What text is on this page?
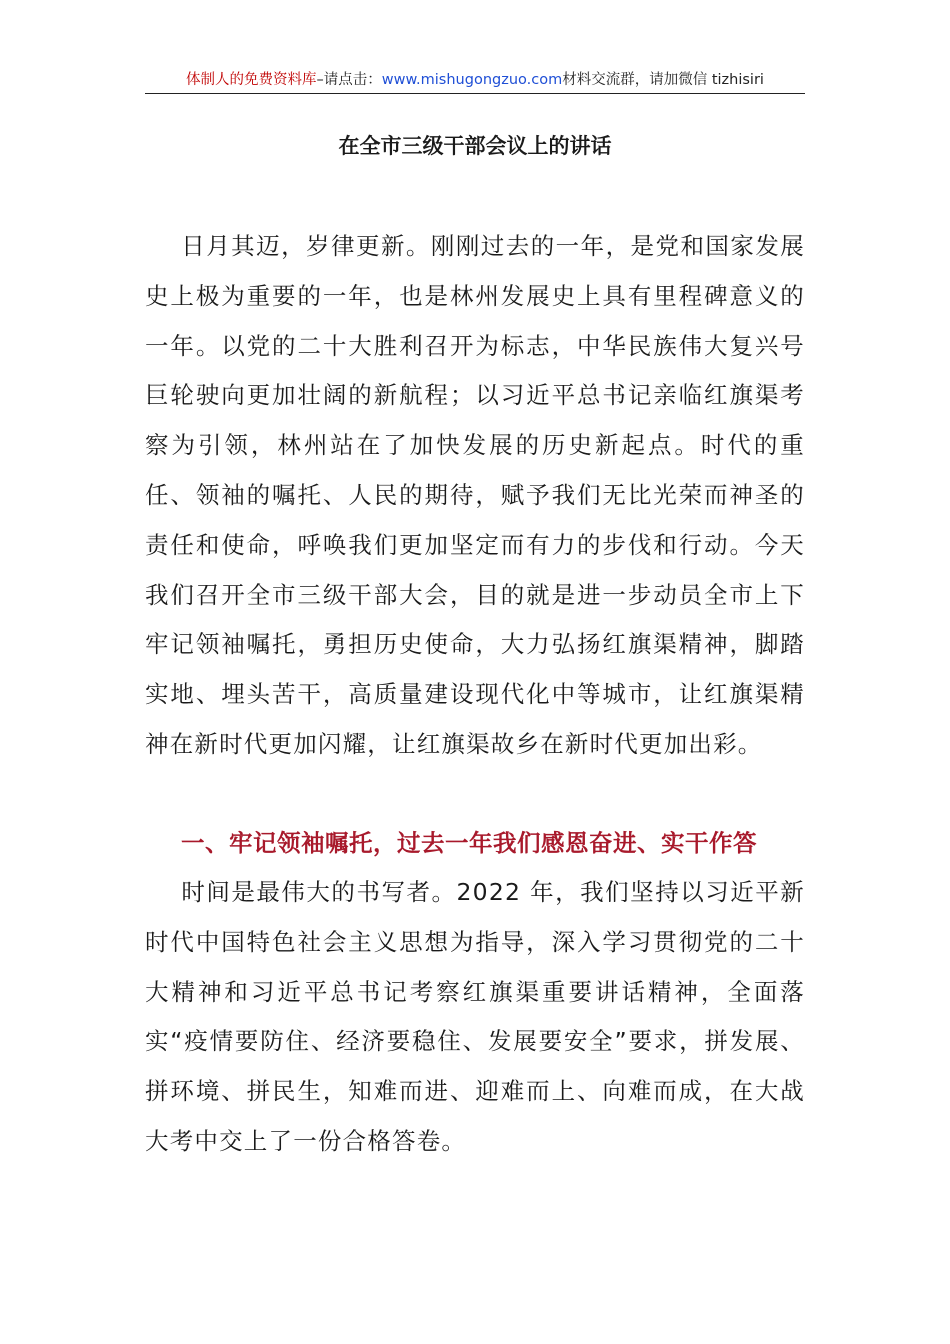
体制人的免费资料库–请点击：www.mishugongzuo.com材料交流群，请加微信 tizhisiri
在全市三级干部会议上的讲话
日月其迈，岁律更新。刚刚过去的一年，是党和国家发展史上极为重要的一年，也是林州发展史上具有里程碑意义的一年。以党的二十大胜利召开为标志，中华民族伟大复兴号巨轮驶向更加壮阔的新航程；以习近平总书记亲临红旗渠考察为引领，林州站在了加快发展的历史新起点。时代的重任、领袖的嘱托、人民的期待，赋予我们无比光荣而神圣的责任和使命，呼唤我们更加坚定而有力的步伐和行动。今天我们召开全市三级干部大会，目的就是进一步动员全市上下牢记领袖嘱托，勇担历史使命，大力弘扬红旗渠精神，脚踏实地、埋头苦干，高质量建设现代化中等城市，让红旗渠精神在新时代更加闪耀，让红旗渠故乡在新时代更加出彩。
一、牢记领袖嘱托，过去一年我们感恩奋进、实干作答
时间是最伟大的书写者。2022 年，我们坚持以习近平新时代中国特色社会主义思想为指导，深入学习贯彻党的二十大精神和习近平总书记考察红旗渠重要讲话精神，全面落实“疫情要防住、经济要稳住、发展要安全”要求，拼发展、拼环境、拼民生，知难而进、迎难而上、向难而成，在大战大考中交上了一份合格答卷。
